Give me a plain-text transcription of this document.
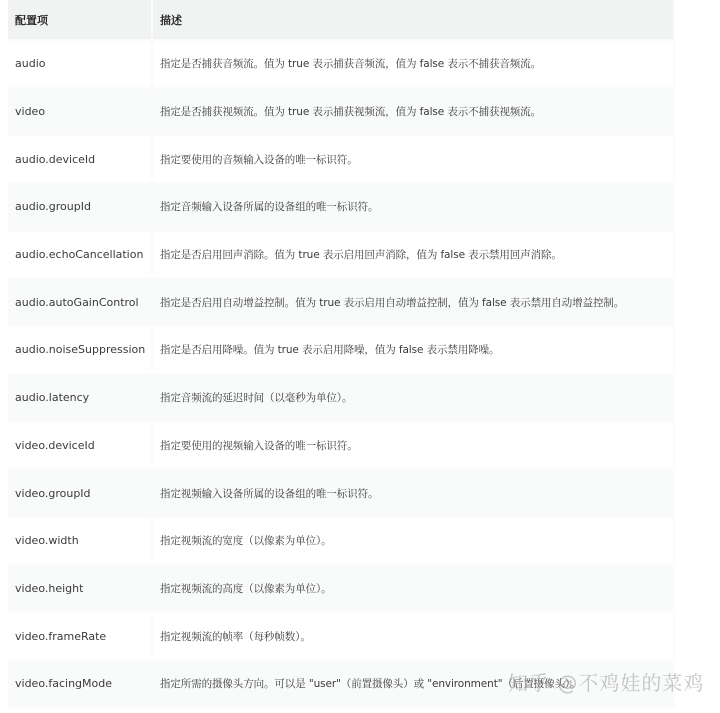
配置项	描述
audio	指定是否捕获音频流。值为 true 表示捕获音频流，值为 false 表示不捕获音频流。
video	指定是否捕获视频流。值为 true 表示捕获视频流，值为 false 表示不捕获视频流。
audio.deviceId	指定要使用的音频输入设备的唯一标识符。
audio.groupId	指定音频输入设备所属的设备组的唯一标识符。
audio.echoCancellation	指定是否启用回声消除。值为 true 表示启用回声消除，值为 false 表示禁用回声消除。
audio.autoGainControl	指定是否启用自动增益控制。值为 true 表示启用自动增益控制，值为 false 表示禁用自动增益控制。
audio.noiseSuppression	指定是否启用降噪。值为 true 表示启用降噪，值为 false 表示禁用降噪。
audio.latency	指定音频流的延迟时间（以毫秒为单位）。
video.deviceId	指定要使用的视频输入设备的唯一标识符。
video.groupId	指定视频输入设备所属的设备组的唯一标识符。
video.width	指定视频流的宽度（以像素为单位）。
video.height	指定视频流的高度（以像素为单位）。
video.frameRate	指定视频流的帧率（每秒帧数）。
video.facingMode	指定所需的摄像头方向。可以是 "user"（前置摄像头）或 "environment"（后置摄像头）。
知乎 @不鸡娃的菜鸡
